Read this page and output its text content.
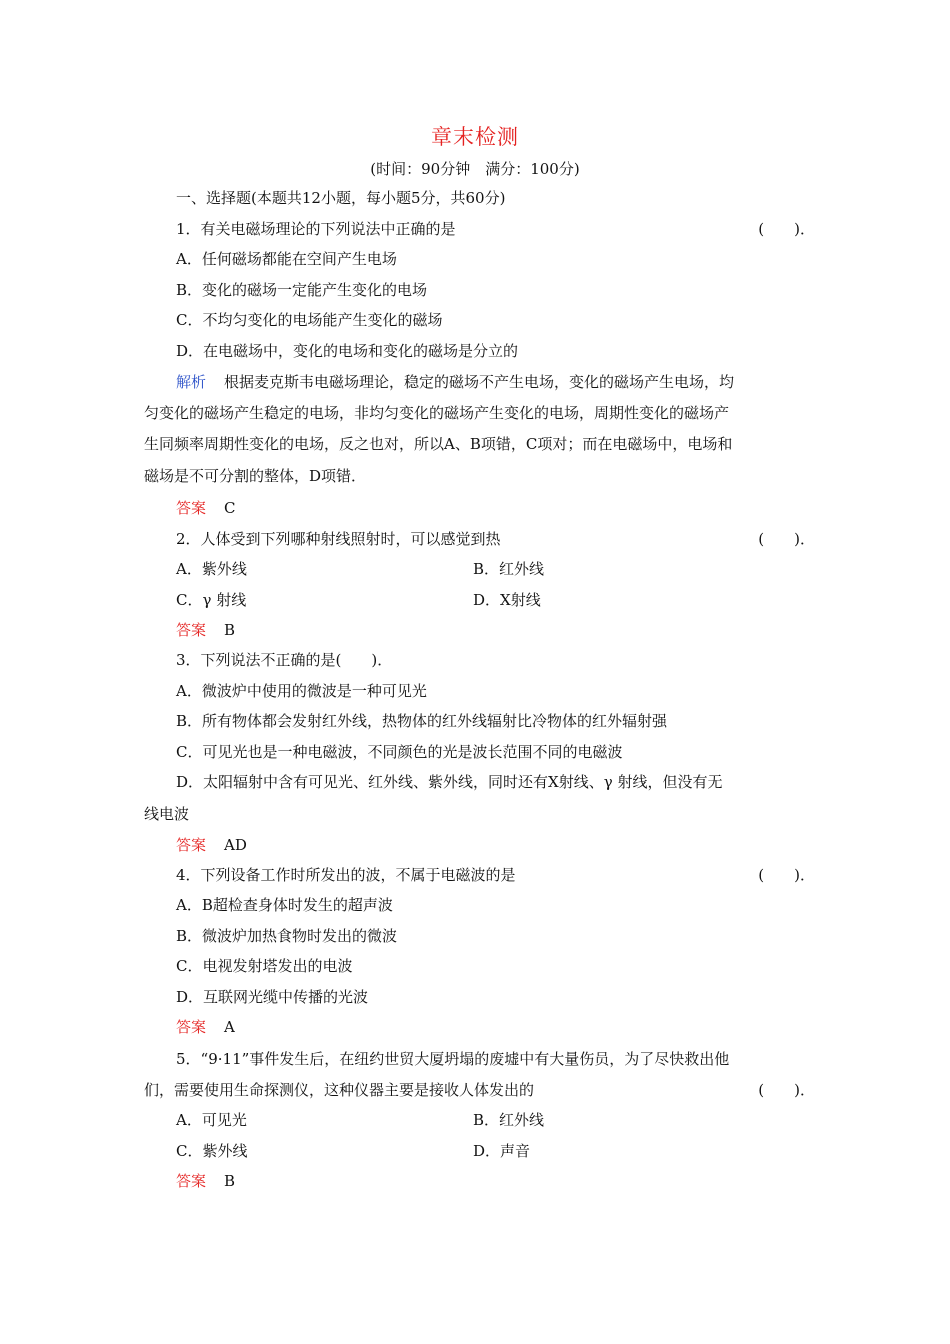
章末检测
(时间：90分钟　满分：100分)
一、选择题(本题共12小题，每小题5分，共60分)
1．有关电磁场理论的下列说法中正确的是	(　　)．
A．任何磁场都能在空间产生电场
B．变化的磁场一定能产生变化的电场
C．不均匀变化的电场能产生变化的磁场
D．在电磁场中，变化的电场和变化的磁场是分立的
解析 根据麦克斯韦电磁场理论，稳定的磁场不产生电场，变化的磁场产生电场，均
匀变化的磁场产生稳定的电场，非均匀变化的磁场产生变化的电场，周期性变化的磁场产
生同频率周期性变化的电场，反之也对，所以A、B项错，C项对；而在电磁场中，电场和
磁场是不可分割的整体，D项错．
答案 C
2．人体受到下列哪种射线照射时，可以感觉到热	(　　)．
A．紫外线	B．红外线
C．γ 射线	D．X射线
答案 B
3．下列说法不正确的是(　　)．
A．微波炉中使用的微波是一种可见光
B．所有物体都会发射红外线，热物体的红外线辐射比冷物体的红外辐射强
C．可见光也是一种电磁波，不同颜色的光是波长范围不同的电磁波
D．太阳辐射中含有可见光、红外线、紫外线，同时还有X射线、γ 射线，但没有无
线电波
答案 AD
4．下列设备工作时所发出的波，不属于电磁波的是	(　　)．
A．B超检查身体时发生的超声波
B．微波炉加热食物时发出的微波
C．电视发射塔发出的电波
D．互联网光缆中传播的光波
答案 A
5．“9·11”事件发生后，在纽约世贸大厦坍塌的废墟中有大量伤员，为了尽快救出他
们，需要使用生命探测仪，这种仪器主要是接收人体发出的	(　　)．
A．可见光	B．红外线
C．紫外线	D．声音
答案 B
